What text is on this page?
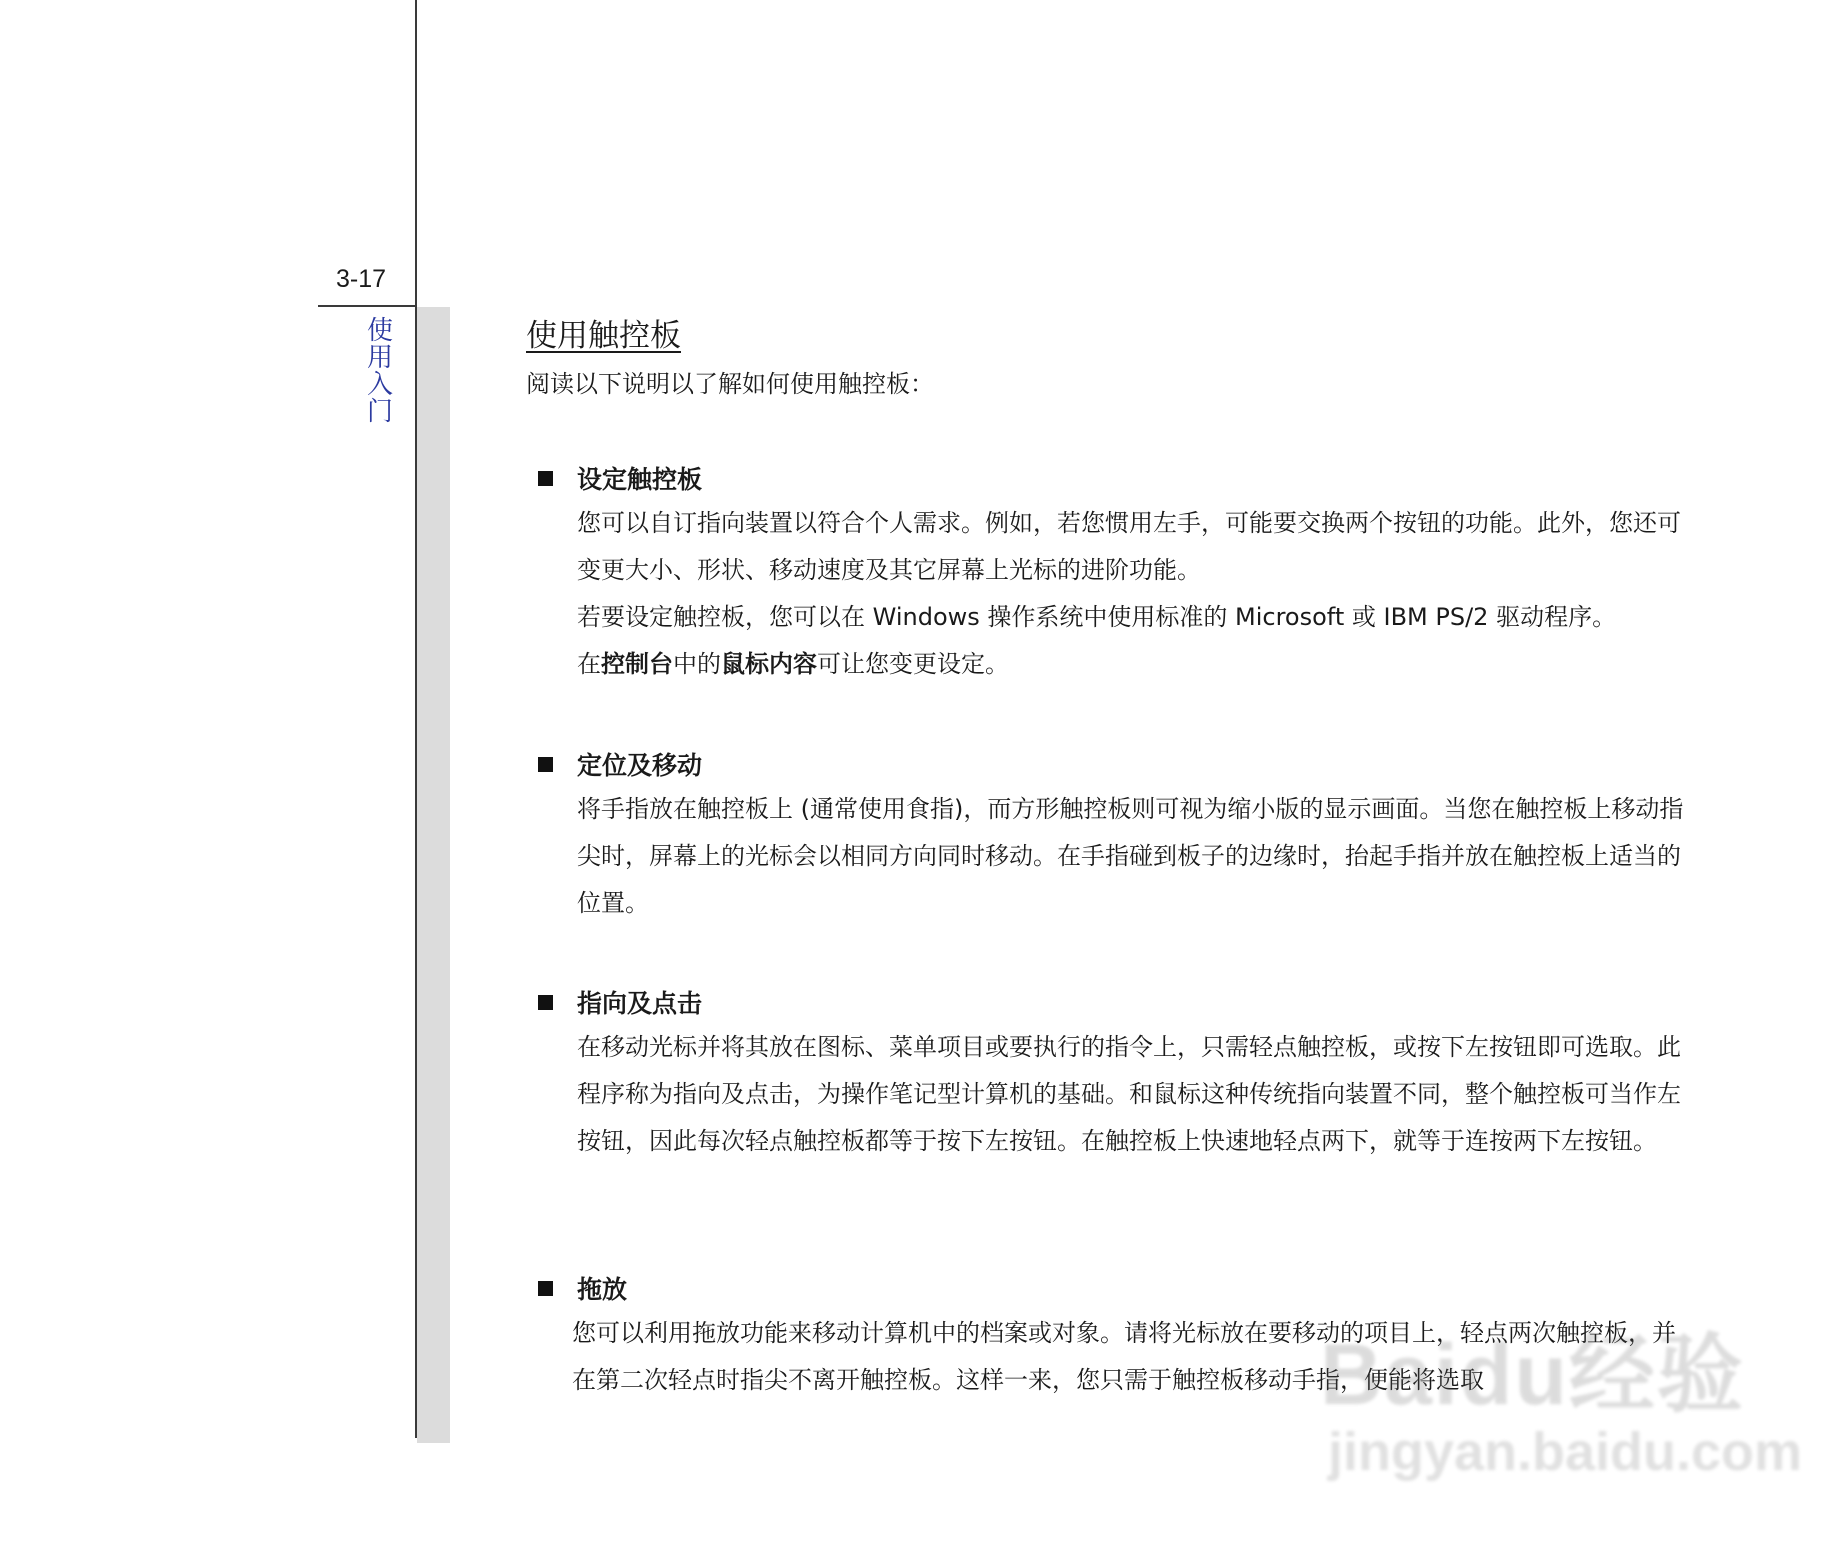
3-17
使用入门
使用触控板
阅读以下说明以了解如何使用触控板：
设定触控板

您可以自订指向装置以符合个人需求。例如，若您惯用左手，可能要交换两个按钮的功能。此外，您还可变更大小、形状、移动速度及其它屏幕上光标的进阶功能。

若要设定触控板，您可以在 Windows 操作系统中使用标准的 Microsoft 或 IBM PS/2 驱动程序。

在控制台中的鼠标内容可让您变更设定。

定位及移动

将手指放在触控板上 (通常使用食指)，而方形触控板则可视为缩小版的显示画面。当您在触控板上移动指尖时，屏幕上的光标会以相同方向同时移动。在手指碰到板子的边缘时，抬起手指并放在触控板上适当的位置。

指向及点击

在移动光标并将其放在图标、菜单项目或要执行的指令上，只需轻点触控板，或按下左按钮即可选取。此程序称为指向及点击，为操作笔记型计算机的基础。和鼠标这种传统指向装置不同，整个触控板可当作左按钮，因此每次轻点触控板都等于按下左按钮。在触控板上快速地轻点两下，就等于连按两下左按钮。

拖放

您可以利用拖放功能来移动计算机中的档案或对象。请将光标放在要移动的项目上，轻点两次触控板，并在第二次轻点时指尖不离开触控板。这样一来，您只需于触控板移动手指，便能将选取

Baidu经验
jingyan.baidu.com
